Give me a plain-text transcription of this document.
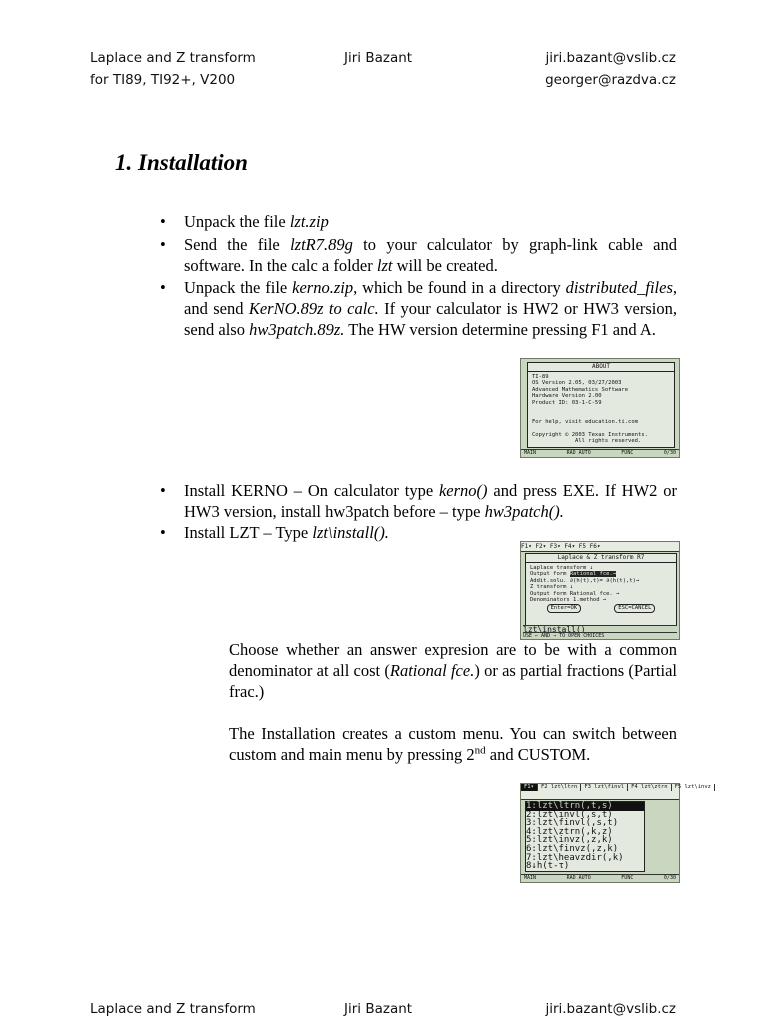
Laplace and Z transform
for TI89, TI92+, V200
Jiri Bazant	jiri.bazant@vslib.cz
georger@razdva.cz
1. Installation
• Unpack the file lzt.zip
• Send the file lztR7.89g to your calculator by graph-link cable and software. In the calc a folder lzt will be created.
• Unpack the file kerno.zip, which be found in a directory distributed_files, and send KerNO.89z to calc. If your calculator is HW2 or HW3 version, send also hw3patch.89z. The HW version determine pressing F1 and A.
ABOUT
TI-89
OS Version 2.05, 03/27/2003
Advanced Mathematics Software
Hardware Version 2.00
Product ID: 03-1-C-59

For help, visit education.ti.com

Copyright © 2003 Texas Instruments.
All rights reserved.
MAIN	RAD AUTO	FUNC	0/30
• Install KERNO – On calculator type kerno() and press EXE. If HW2 or HW3 version, install hw3patch before – type hw3patch().
• Install LZT – Type lzt\install().
F1▾ F2▾ F3▾ F4▾ F5 F6▾
Laplace & Z transform R7
Laplace transform ↓
Output form Rational fce.→
Addit.solu. ∂(h(t),t)= ∂(h(t),t)→
Z transform ↓
Output form Rational fce. →
Denominators 1.method →
Enter=OK	ESC=CANCEL
lzt\install()
USE ← AND → TO OPEN CHOICES
Choose whether an answer expresion are to be with a common denominator at all cost (Rational fce.) or as partial fractions (Partial frac.)
The Installation creates a custom menu. You can switch between custom and main menu by pressing 2nd and CUSTOM.
F1▾ F2 lzt\ltrn F3 lzt\finvl F4 lzt\ztrn F5 lzt\invz
1:lzt\ltrn(,t,s)
2:lzt\invl(,s,t)
3:lzt\finvl(,s,t)
4:lzt\ztrn(,k,z)
5:lzt\invz(,z,k)
6:lzt\finvz(,z,k)
7:lzt\heavzdir(,k)
8↓h(t-τ)
MAIN	RAD AUTO	FUNC	0/30
Laplace and Z transform	Jiri Bazant	jiri.bazant@vslib.cz
